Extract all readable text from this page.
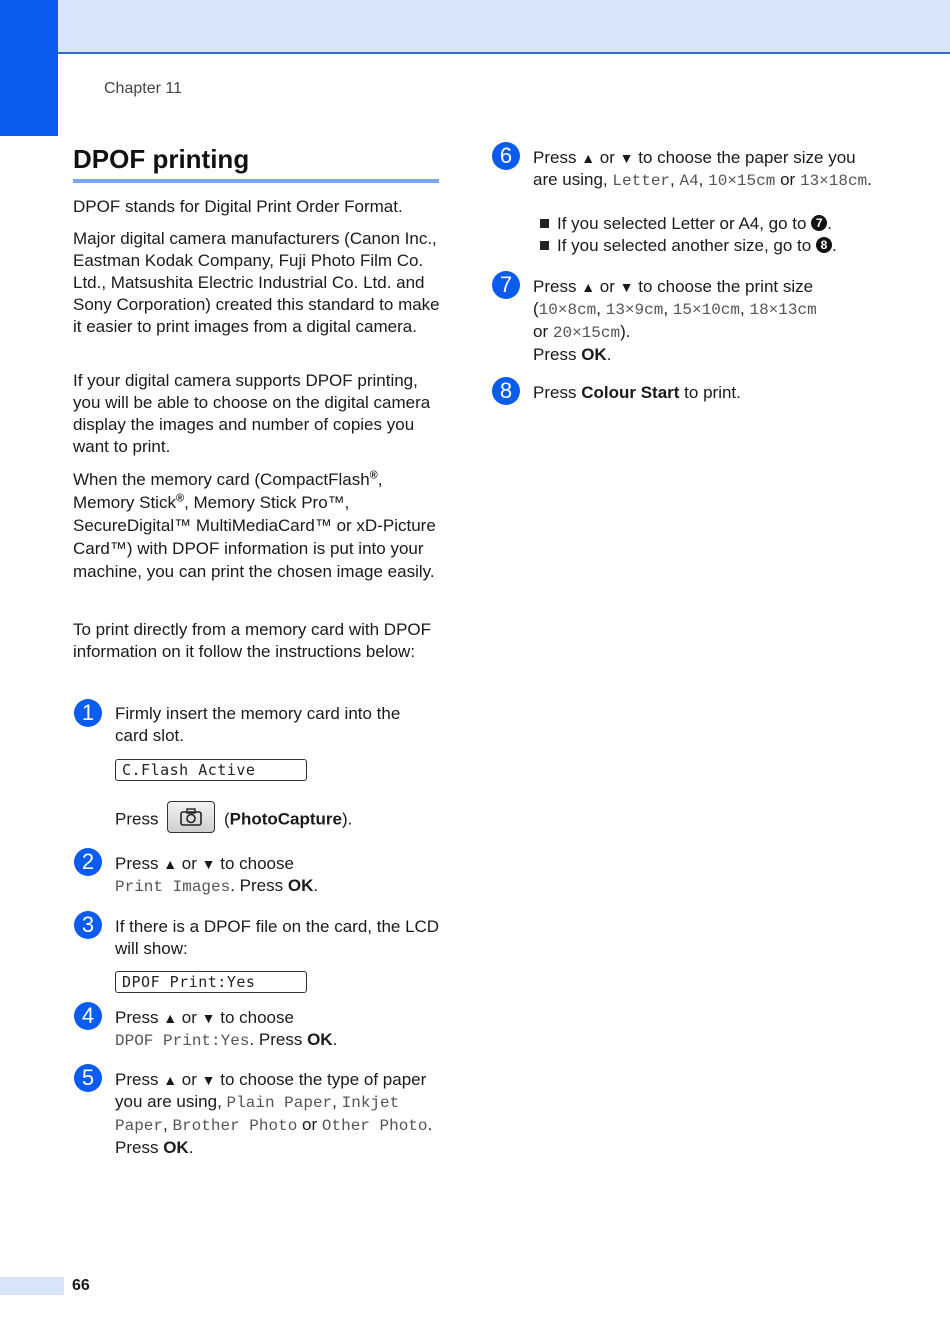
Chapter 11
DPOF printing

DPOF stands for Digital Print Order Format.

Major digital camera manufacturers (Canon Inc., Eastman Kodak Company, Fuji Photo Film Co. Ltd., Matsushita Electric Industrial Co. Ltd. and Sony Corporation) created this standard to make it easier to print images from a digital camera.

If your digital camera supports DPOF printing, you will be able to choose on the digital camera display the images and number of copies you want to print.

When the memory card (CompactFlash®, Memory Stick®, Memory Stick Pro™, SecureDigital™ MultiMediaCard™ or xD-Picture Card™) with DPOF information is put into your machine, you can print the chosen image easily.

To print directly from a memory card with DPOF information on it follow the instructions below:

1	Firmly insert the memory card into the card slot.

C.Flash Active

Press	(PhotoCapture).

2	Press ▲ or ▼ to choose
Print Images. Press OK.

3	If there is a DPOF file on the card, the LCD will show:

DPOF Print:Yes
4	Press ▲ or ▼ to choose
DPOF Print:Yes. Press OK.

5	Press ▲ or ▼ to choose the type of paper you are using, Plain Paper, Inkjet Paper, Brother Photo or Other Photo.
Press OK.

6	Press ▲ or ▼ to choose the paper size you are using, Letter, A4, 10×15cm or 13×18cm.

If you selected Letter or A4, go to 7 .

If you selected another size, go to 8 .

7	Press ▲ or ▼ to choose the print size
(10×8cm, 13×9cm, 15×10cm, 18×13cm
or 20×15cm).
Press OK.

8	Press Colour Start to print.

66
